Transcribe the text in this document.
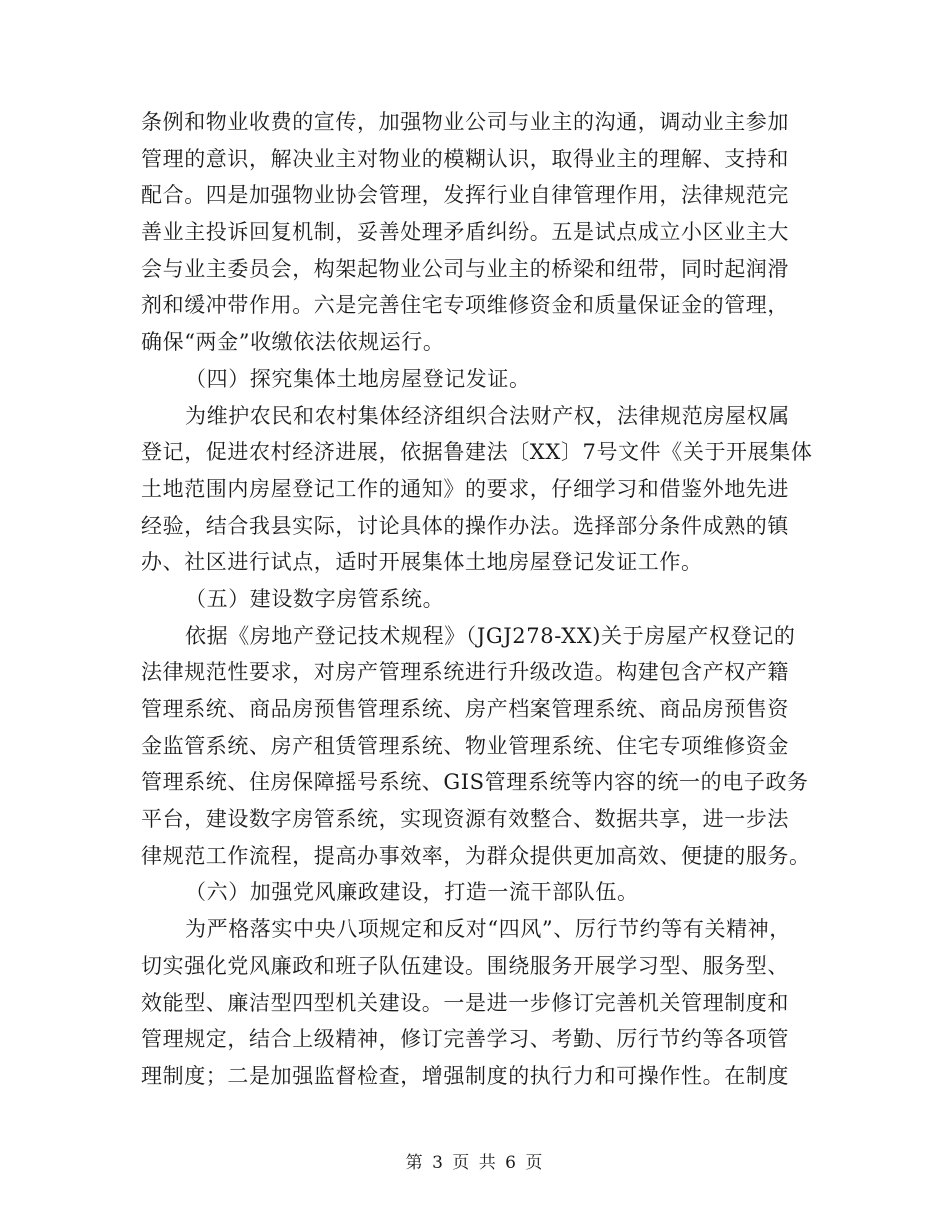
条例和物业收费的宣传，加强物业公司与业主的沟通，调动业主参加
管理的意识，解决业主对物业的模糊认识，取得业主的理解、支持和
配合。四是加强物业协会管理，发挥行业自律管理作用，法律规范完
善业主投诉回复机制，妥善处理矛盾纠纷。五是试点成立小区业主大
会与业主委员会，构架起物业公司与业主的桥梁和纽带，同时起润滑
剂和缓冲带作用。六是完善住宅专项维修资金和质量保证金的管理，
确保“两金”收缴依法依规运行。
（四）探究集体土地房屋登记发证。
为维护农民和农村集体经济组织合法财产权，法律规范房屋权属
登记，促进农村经济进展，依据鲁建法〔XX〕7号文件《关于开展集体
土地范围内房屋登记工作的通知》的要求，仔细学习和借鉴外地先进
经验，结合我县实际，讨论具体的操作办法。选择部分条件成熟的镇
办、社区进行试点，适时开展集体土地房屋登记发证工作。
（五）建设数字房管系统。
依据《房地产登记技术规程》（JGJ278-XX)关于房屋产权登记的
法律规范性要求，对房产管理系统进行升级改造。构建包含产权产籍
管理系统、商品房预售管理系统、房产档案管理系统、商品房预售资
金监管系统、房产租赁管理系统、物业管理系统、住宅专项维修资金
管理系统、住房保障摇号系统、GIS管理系统等内容的统一的电子政务
平台，建设数字房管系统，实现资源有效整合、数据共享，进一步法
律规范工作流程，提高办事效率，为群众提供更加高效、便捷的服务。
（六）加强党风廉政建设，打造一流干部队伍。
为严格落实中央八项规定和反对“四风”、厉行节约等有关精神，
切实强化党风廉政和班子队伍建设。围绕服务开展学习型、服务型、
效能型、廉洁型四型机关建设。一是进一步修订完善机关管理制度和
管理规定，结合上级精神，修订完善学习、考勤、厉行节约等各项管
理制度；二是加强监督检查，增强制度的执行力和可操作性。在制度
第 3 页 共 6 页
